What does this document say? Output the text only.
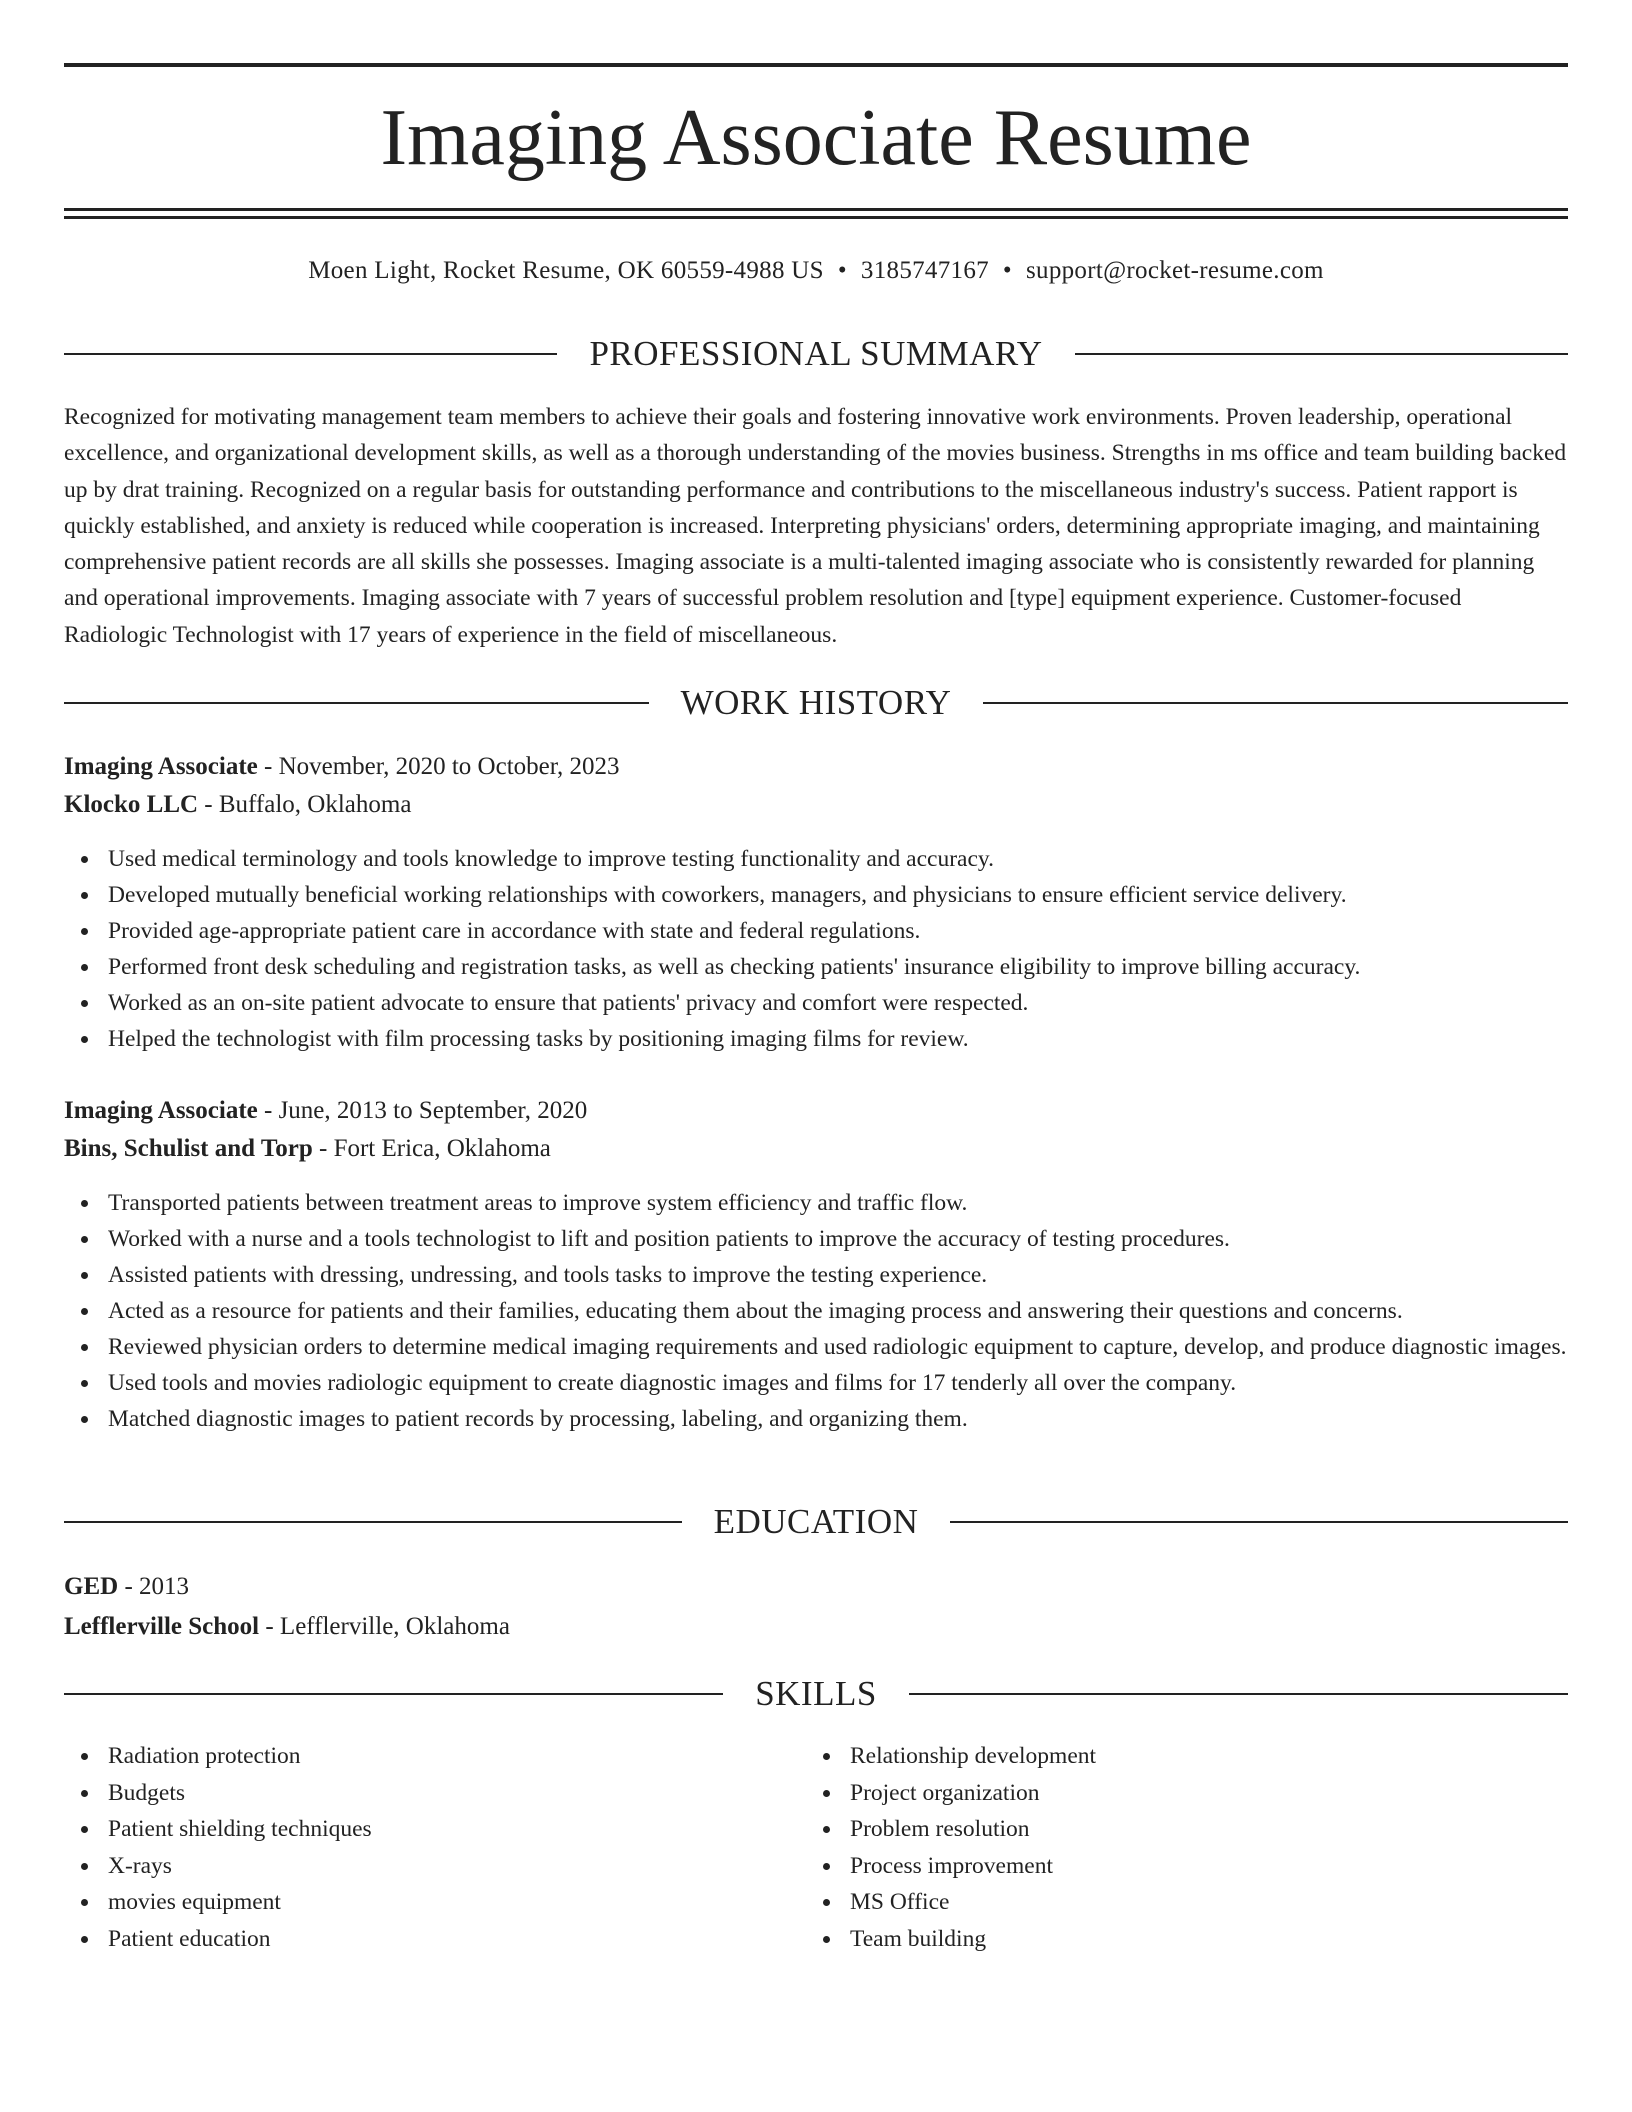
Imaging Associate Resume
Moen Light, Rocket Resume, OK 60559-4988 US • 3185747167 • support@rocket-resume.com
PROFESSIONAL SUMMARY

Recognized for motivating management team members to achieve their goals and fostering innovative work environments. Proven leadership, operational excellence, and organizational development skills, as well as a thorough understanding of the movies business. Strengths in ms office and team building backed up by drat training. Recognized on a regular basis for outstanding performance and contributions to the miscellaneous industry's success. Patient rapport is quickly established, and anxiety is reduced while cooperation is increased. Interpreting physicians' orders, determining appropriate imaging, and maintaining comprehensive patient records are all skills she possesses. Imaging associate is a multi-talented imaging associate who is consistently rewarded for planning and operational improvements. Imaging associate with 7 years of successful problem resolution and [type] equipment experience. Customer-focused Radiologic Technologist with 17 years of experience in the field of miscellaneous.

WORK HISTORY
Imaging Associate - November, 2020 to October, 2023
Klocko LLC - Buffalo, Oklahoma
Used medical terminology and tools knowledge to improve testing functionality and accuracy.
Developed mutually beneficial working relationships with coworkers, managers, and physicians to ensure efficient service delivery.
Provided age-appropriate patient care in accordance with state and federal regulations.
Performed front desk scheduling and registration tasks, as well as checking patients' insurance eligibility to improve billing accuracy.
Worked as an on-site patient advocate to ensure that patients' privacy and comfort were respected.
Helped the technologist with film processing tasks by positioning imaging films for review.
Imaging Associate - June, 2013 to September, 2020
Bins, Schulist and Torp - Fort Erica, Oklahoma
Transported patients between treatment areas to improve system efficiency and traffic flow.
Worked with a nurse and a tools technologist to lift and position patients to improve the accuracy of testing procedures.
Assisted patients with dressing, undressing, and tools tasks to improve the testing experience.
Acted as a resource for patients and their families, educating them about the imaging process and answering their questions and concerns.
Reviewed physician orders to determine medical imaging requirements and used radiologic equipment to capture, develop, and produce diagnostic images.
Used tools and movies radiologic equipment to create diagnostic images and films for 17 tenderly all over the company.
Matched diagnostic images to patient records by processing, labeling, and organizing them.
EDUCATION
GED - 2013
Lefflerville School - Lefflerville, Oklahoma
SKILLS
Radiation protection
Budgets
Patient shielding techniques
X-rays
movies equipment
Patient education
Relationship development
Project organization
Problem resolution
Process improvement
MS Office
Team building
